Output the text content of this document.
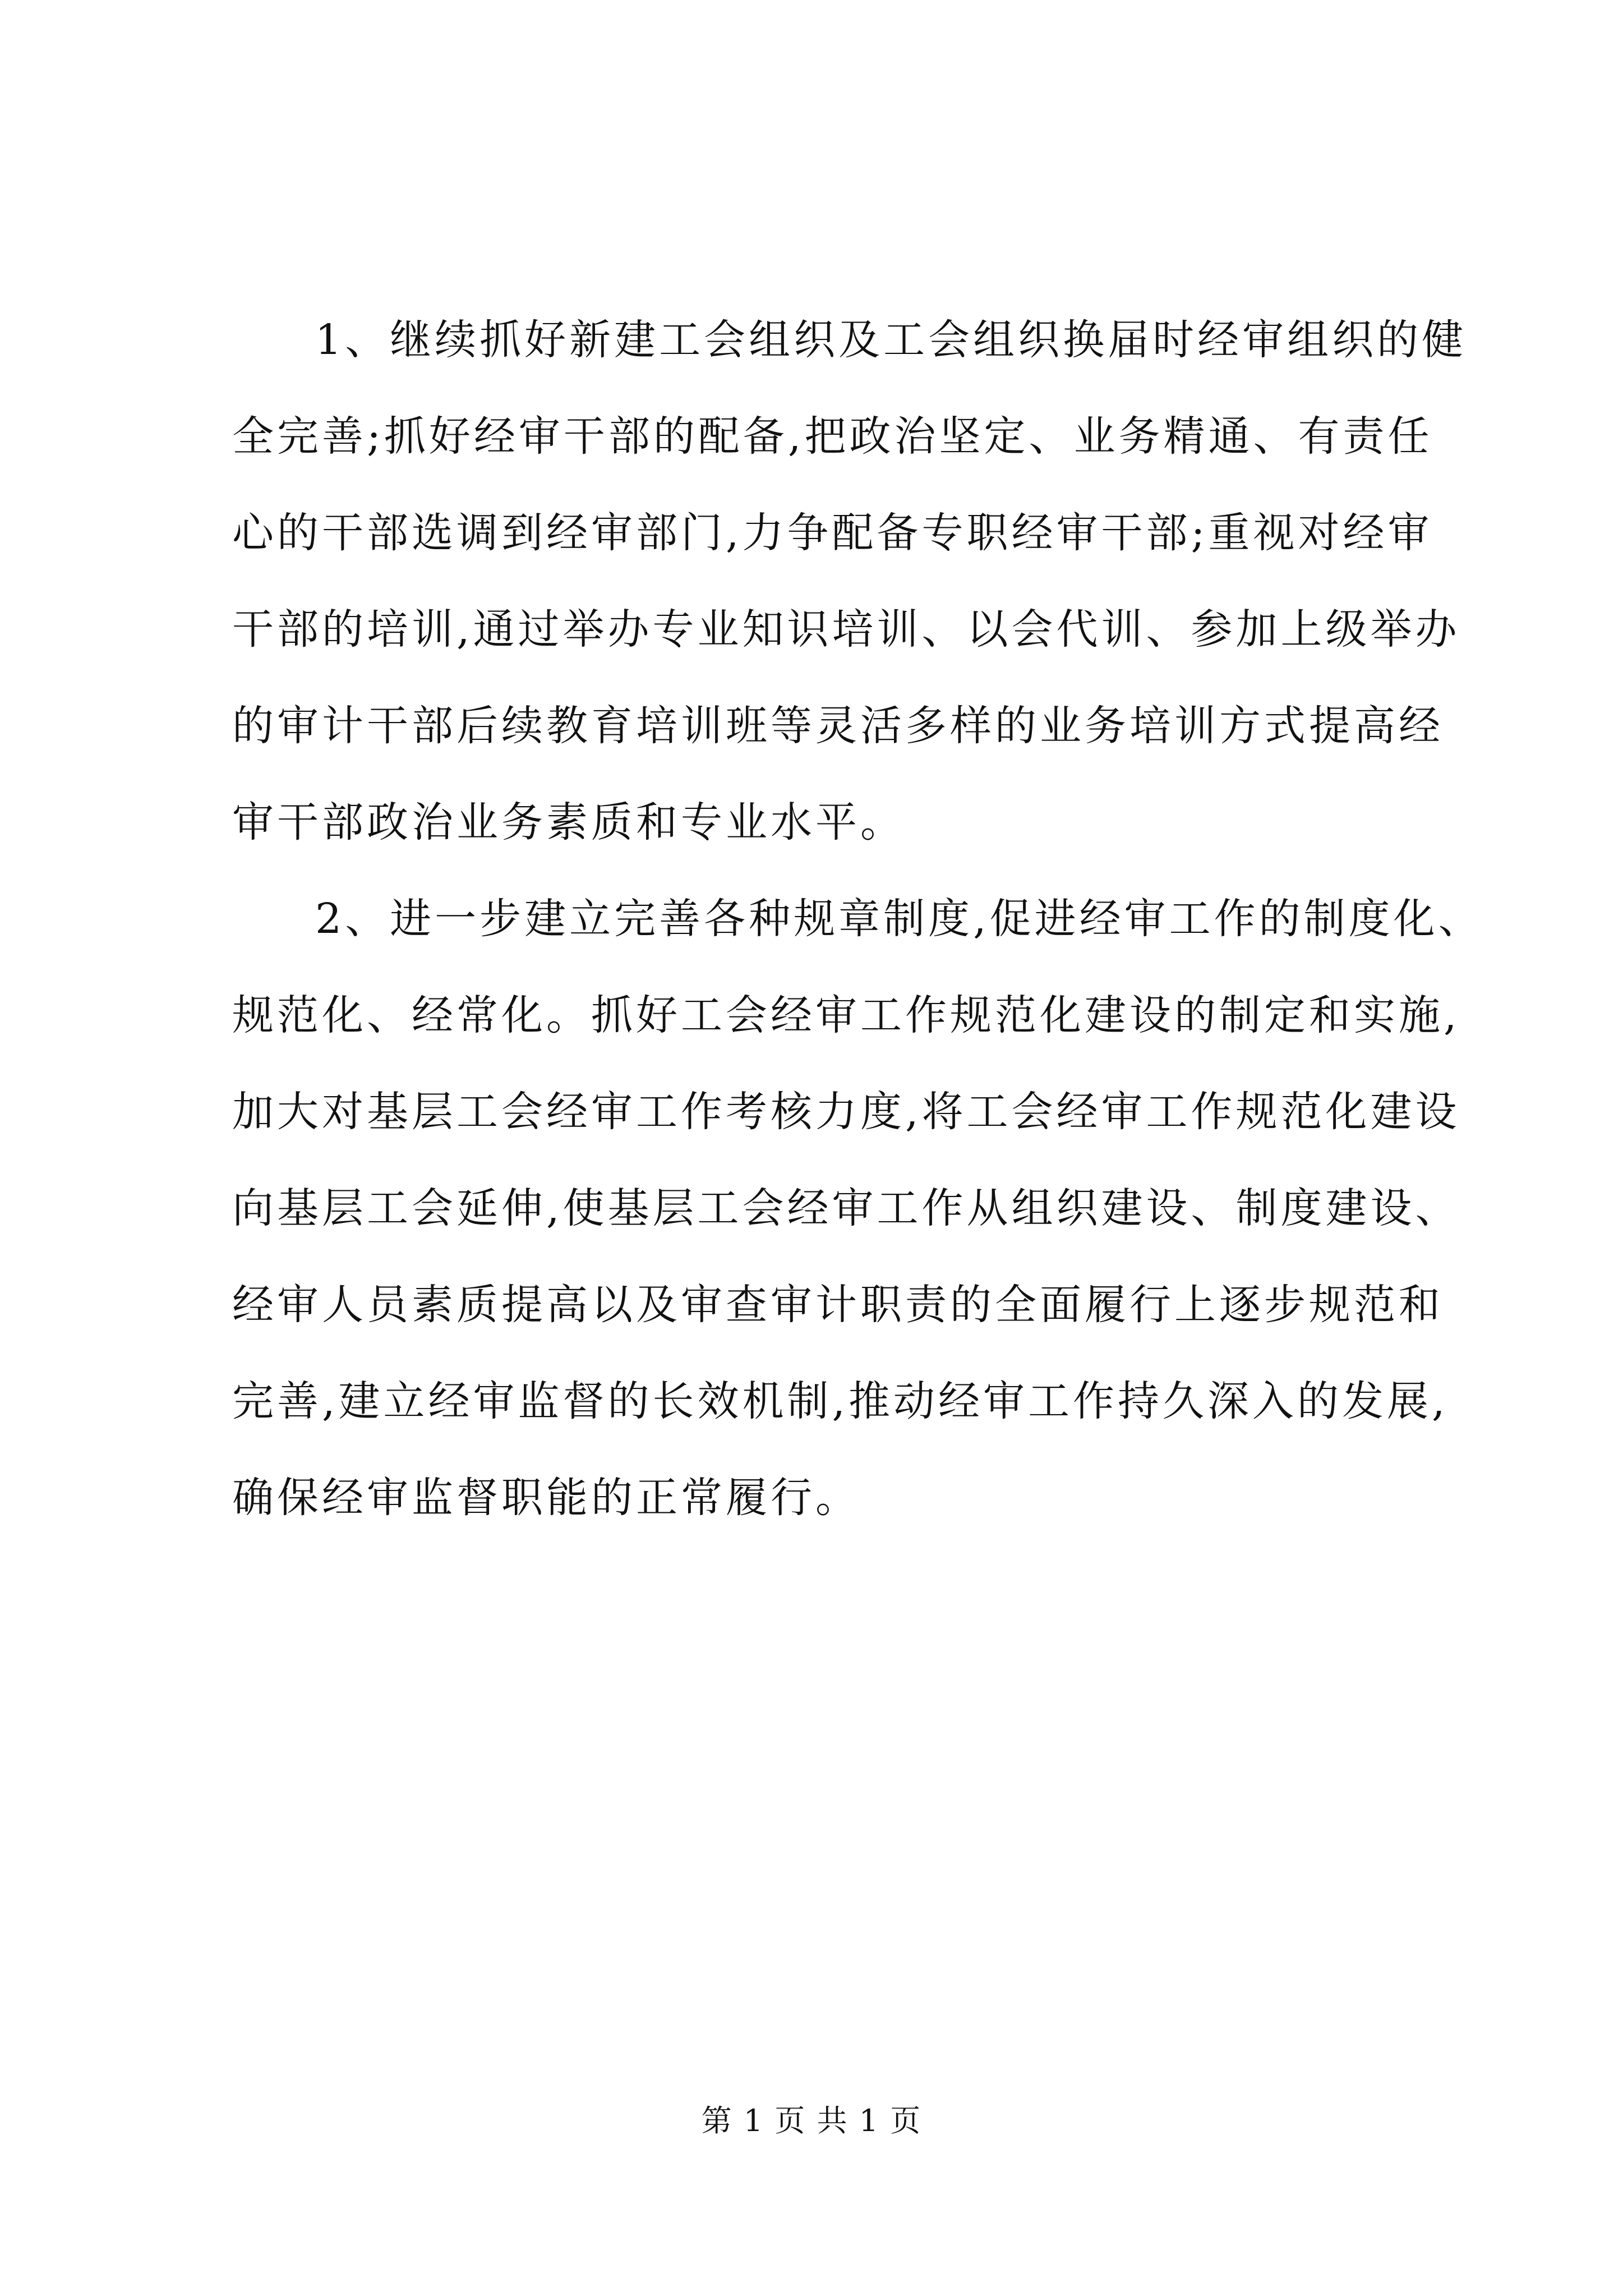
1、继续抓好新建工会组织及工会组织换届时经审组织的健
全完善;抓好经审干部的配备,把政治坚定、业务精通、有责任
心的干部选调到经审部门,力争配备专职经审干部;重视对经审
干部的培训,通过举办专业知识培训、以会代训、参加上级举办
的审计干部后续教育培训班等灵活多样的业务培训方式提高经
审干部政治业务素质和专业水平。
2、进一步建立完善各种规章制度,促进经审工作的制度化、
规范化、经常化。抓好工会经审工作规范化建设的制定和实施,
加大对基层工会经审工作考核力度,将工会经审工作规范化建设
向基层工会延伸,使基层工会经审工作从组织建设、制度建设、
经审人员素质提高以及审查审计职责的全面履行上逐步规范和
完善,建立经审监督的长效机制,推动经审工作持久深入的发展,
确保经审监督职能的正常履行。
第 1 页 共 1 页
